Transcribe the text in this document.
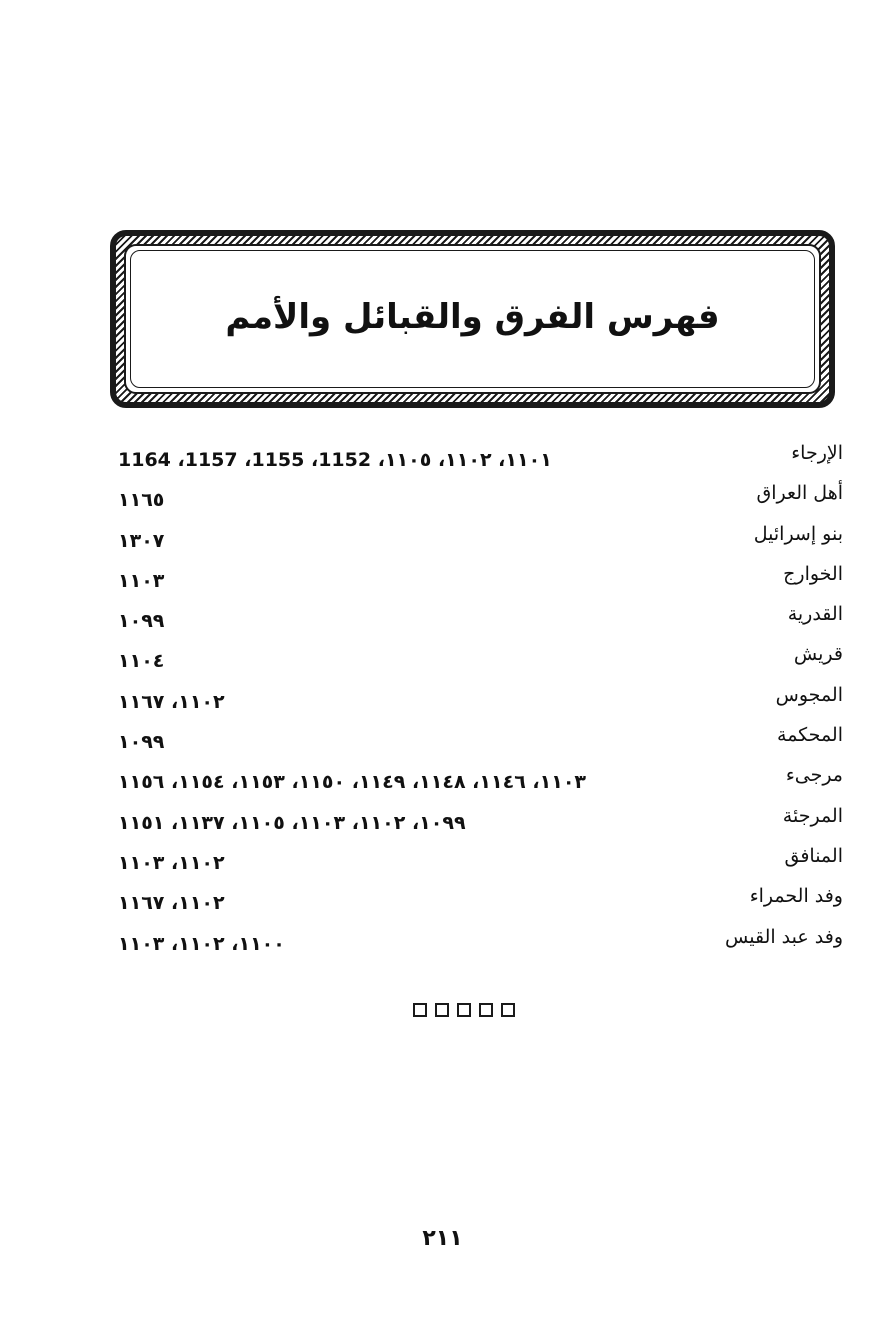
فهرس الفرق والقبائل والأمم
الإرجاء
١١٠١، ١١٠٢، ١١٠٥، 1152، 1155، 1157، 1164
أهل العراق
١١٦٥
بنو إسرائيل
١٣٠٧
الخوارج
١١٠٣
القدرية
١٠٩٩
قريش
١١٠٤
المجوس
١١٠٢، ١١٦٧
المحكمة
١٠٩٩
مرجىء
١١٠٣، ١١٤٦، ١١٤٨، ١١٤٩، ١١٥٠، ١١٥٣، ١١٥٤، ١١٥٦
المرجئة
١٠٩٩، ١١٠٢، ١١٠٣، ١١٠٥، ١١٣٧، ١١٥١
المنافق
١١٠٢، ١١٠٣
وفد الحمراء
١١٠٢، ١١٦٧
وفد عبد القيس
١١٠٠، ١١٠٢، ١١٠٣
٢١١
